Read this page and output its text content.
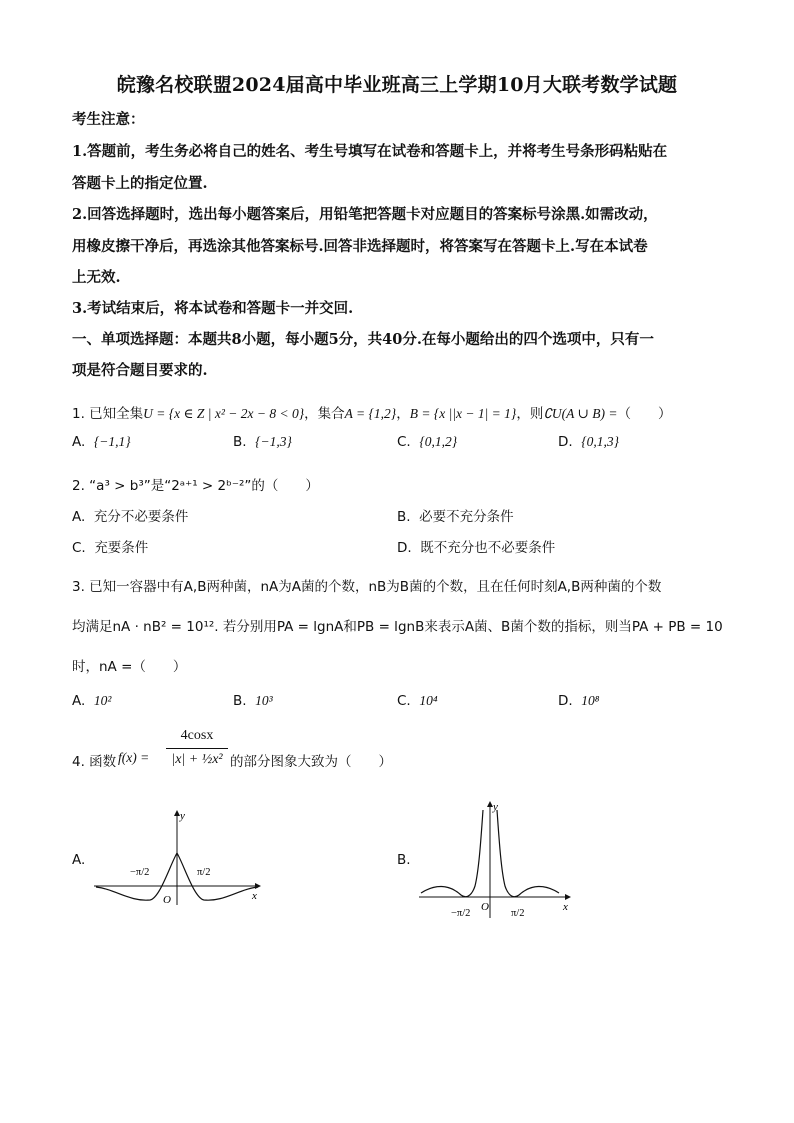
皖豫名校联盟2024届高中毕业班高三上学期10月大联考数学试题
考生注意：
1.答题前，考生务必将自己的姓名、考生号填写在试卷和答题卡上，并将考生号条形码粘贴在
答题卡上的指定位置.
2.回答选择题时，选出每小题答案后，用铅笔把答题卡对应题目的答案标号涂黑.如需改动，
用橡皮擦干净后，再选涂其他答案标号.回答非选择题时，将答案写在答题卡上.写在本试卷
上无效.
3.考试结束后，将本试卷和答题卡一并交回.
一、单项选择题：本题共8小题，每小题5分，共40分.在每小题给出的四个选项中，只有一
项是符合题目要求的.
1. 已知全集U = {x ∈ Z | x² − 2x − 8 < 0}，集合A = {1,2}，B = {x ||x − 1| = 1}，则∁U(A ∪ B) =（　　）
A. {−1,1}	B. {−1,3}	C. {0,1,2}	D. {0,1,3}
2. “a³ > b³”是“2ᵃ⁺¹ > 2ᵇ⁻²”的（　　）
A. 充分不必要条件	B. 必要不充分条件
C. 充要条件	D. 既不充分也不必要条件
3. 已知一容器中有A,B两种菌，nA为A菌的个数，nB为B菌的个数，且在任何时刻A,B两种菌的个数
均满足nA · nB² = 10¹². 若分别用PA = lgnA和PB = lgnB来表示A菌、B菌个数的指标，则当PA + PB = 10
时，nA =（　　）
A. 10²	B. 10³	C. 10⁴	D. 10⁸
4. 函数 f(x) =
4cosx
|x| + ½x² 的部分图象大致为（　　）
A.
y
x
O
−π/2	π/2
B.
y
x
O
−π/2	π/2
